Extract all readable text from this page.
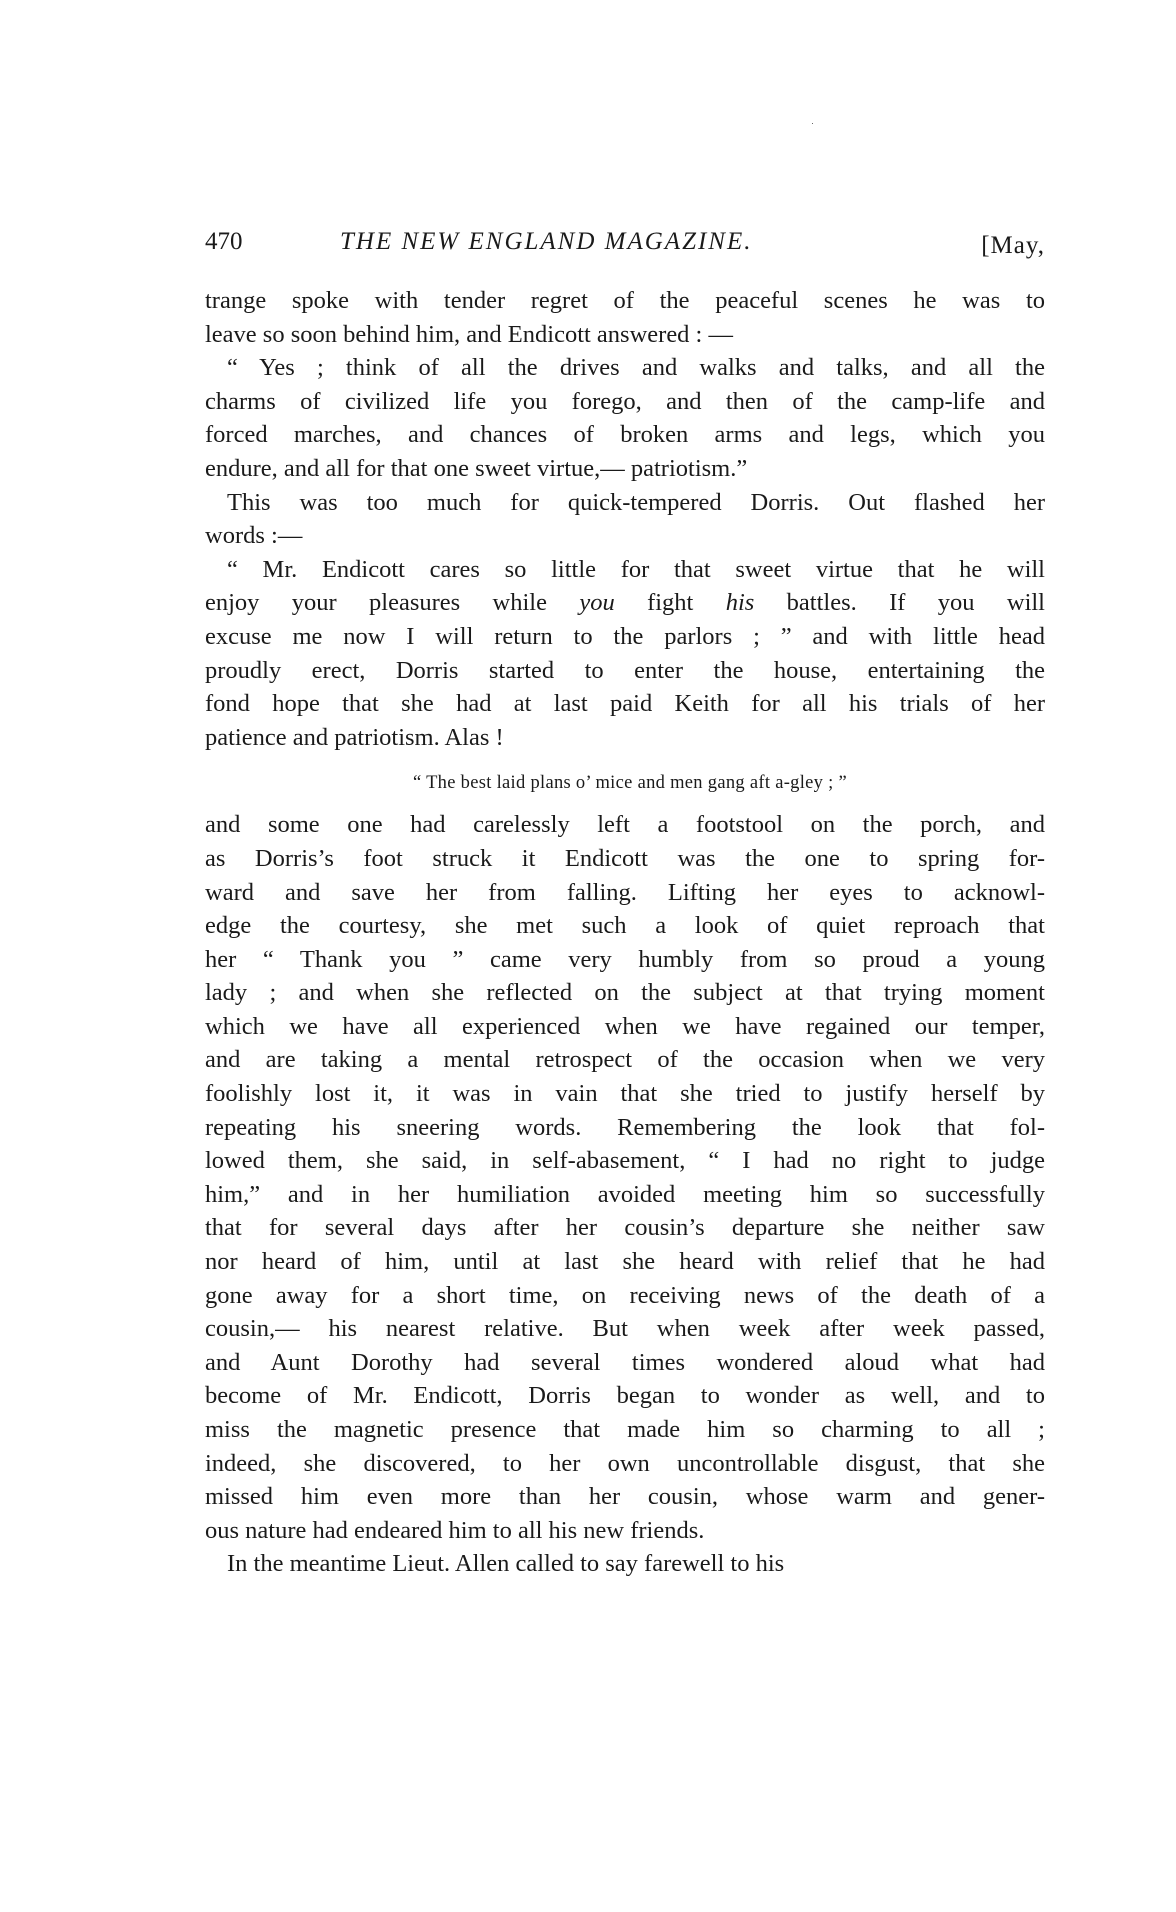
470	THE NEW ENGLAND MAGAZINE.	[May,

trange spoke with tender regret of the peaceful scenes he was to
leave so soon behind him, and Endicott answered : —

“ Yes ; think of all the drives and walks and talks, and all the
charms of civilized life you forego, and then of the camp-life and
forced marches, and chances of broken arms and legs, which you
endure, and all for that one sweet virtue,— patriotism.”

This was too much for quick-tempered Dorris. Out flashed her
words :—

“ Mr. Endicott cares so little for that sweet virtue that he will
enjoy your pleasures while you fight his battles. If you will
excuse me now I will return to the parlors ; ” and with little head
proudly erect, Dorris started to enter the house, entertaining the
fond hope that she had at last paid Keith for all his trials of her
patience and patriotism. Alas !

“ The best laid plans o’ mice and men gang aft a-gley ; ”

and some one had carelessly left a footstool on the porch, and
as Dorris’s foot struck it Endicott was the one to spring for-
ward and save her from falling. Lifting her eyes to acknowl-
edge the courtesy, she met such a look of quiet reproach that
her “ Thank you ” came very humbly from so proud a young
lady ; and when she reflected on the subject at that trying moment
which we have all experienced when we have regained our temper,
and are taking a mental retrospect of the occasion when we very
foolishly lost it, it was in vain that she tried to justify herself by
repeating his sneering words. Remembering the look that fol-
lowed them, she said, in self-abasement, “ I had no right to judge
him,” and in her humiliation avoided meeting him so successfully
that for several days after her cousin’s departure she neither saw
nor heard of him, until at last she heard with relief that he had
gone away for a short time, on receiving news of the death of a
cousin,— his nearest relative. But when week after week passed,
and Aunt Dorothy had several times wondered aloud what had
become of Mr. Endicott, Dorris began to wonder as well, and to
miss the magnetic presence that made him so charming to all ;
indeed, she discovered, to her own uncontrollable disgust, that she
missed him even more than her cousin, whose warm and gener-
ous nature had endeared him to all his new friends.

In the meantime Lieut. Allen called to say farewell to his
